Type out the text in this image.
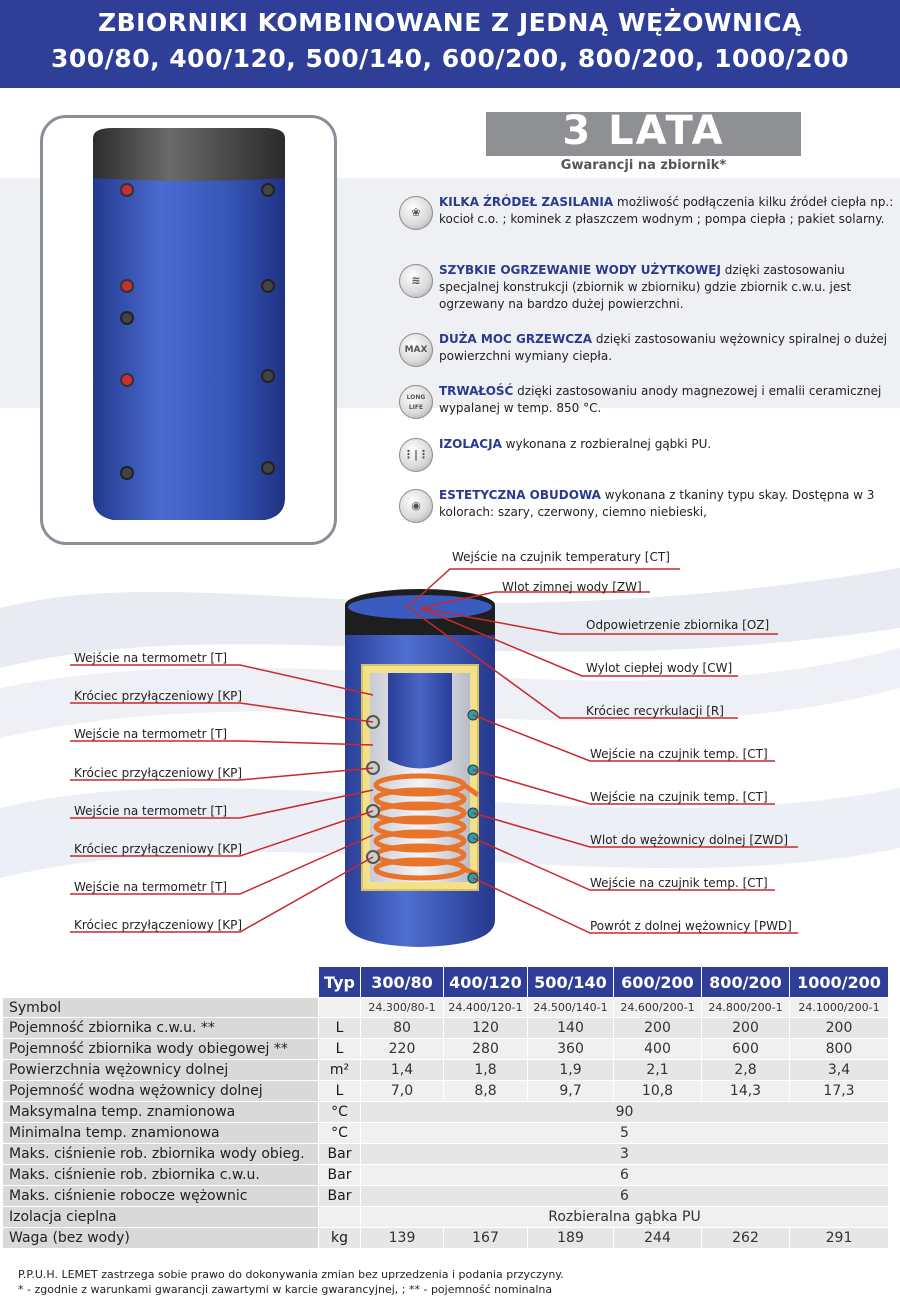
ZBIORNIKI KOMBINOWANE Z JEDNĄ WĘŻOWNICĄ
300/80, 400/120, 500/140, 600/200, 800/200, 1000/200
3 LATA
Gwarancji na zbiornik*
❀
KILKA ŹRÓDEŁ ZASILANIA możliwość podłączenia kilku źródeł ciepła np.: kocioł c.o. ; kominek z płaszczem wodnym ; pompa ciepła ; pakiet solarny.
≋
SZYBKIE OGRZEWANIE WODY UŻYTKOWEJ dzięki zastosowaniu specjalnej konstrukcji (zbiornik w zbiorniku) gdzie zbiornik c.w.u. jest ogrzewany na bardzo dużej powierzchni.
MAX
DUŻA MOC GRZEWCZA dzięki zastosowaniu wężownicy spiralnej o dużej powierzchni wymiany ciepła.
LONG LIFE
TRWAŁOŚĆ dzięki zastosowaniu anody magnezowej i emalii ceramicznej wypalanej w temp. 850 °C.
⋮|⋮
IZOLACJA wykonana z rozbieralnej gąbki PU.
◉
ESTETYCZNA OBUDOWA wykonana z tkaniny typu skay. Dostępna w 3 kolorach: szary, czerwony, ciemno niebieski,
Wejście na czujnik temperatury [CT]
Wlot zimnej wody [ZW]
Odpowietrzenie zbiornika [OZ]
Wylot ciepłej wody [CW]
Króciec recyrkulacji [R]
Wejście na czujnik temp. [CT]
Wejście na czujnik temp. [CT]
Wlot do wężownicy dolnej [ZWD]
Wejście na czujnik temp. [CT]
Powrót z dolnej wężownicy [PWD]
Wejście na termometr [T]
Króciec przyłączeniowy [KP]
Wejście na termometr [T]
Króciec przyłączeniowy [KP]
Wejście na termometr [T]
Króciec przyłączeniowy [KP]
Wejście na termometr [T]
Króciec przyłączeniowy [KP]
	Typ	300/80	400/120	500/140	600/200	800/200	1000/200
Symbol		24.300/80-1	24.400/120-1	24.500/140-1	24.600/200-1	24.800/200-1	24.1000/200-1
Pojemność zbiornika c.w.u. **	L	80	120	140	200	200	200
Pojemność zbiornika wody obiegowej **	L	220	280	360	400	600	800
Powierzchnia wężownicy dolnej	m²	1,4	1,8	1,9	2,1	2,8	3,4
Pojemność wodna wężownicy dolnej	L	7,0	8,8	9,7	10,8	14,3	17,3
Maksymalna temp. znamionowa	°C	90					
Minimalna temp. znamionowa	°C	5					
Maks. ciśnienie rob. zbiornika wody obieg.	Bar	3					
Maks. ciśnienie rob. zbiornika c.w.u.	Bar	6					
Maks. ciśnienie robocze wężownic	Bar	6					
Izolacja cieplna		Rozbieralna gąbka PU					
Waga (bez wody)	kg	139	167	189	244	262	291
P.P.U.H. LEMET zastrzega sobie prawo do dokonywania zmian bez uprzedzenia i podania przyczyny.
* - zgodnie z warunkami gwarancji zawartymi w karcie gwarancyjnej, ; ** - pojemność nominalna
